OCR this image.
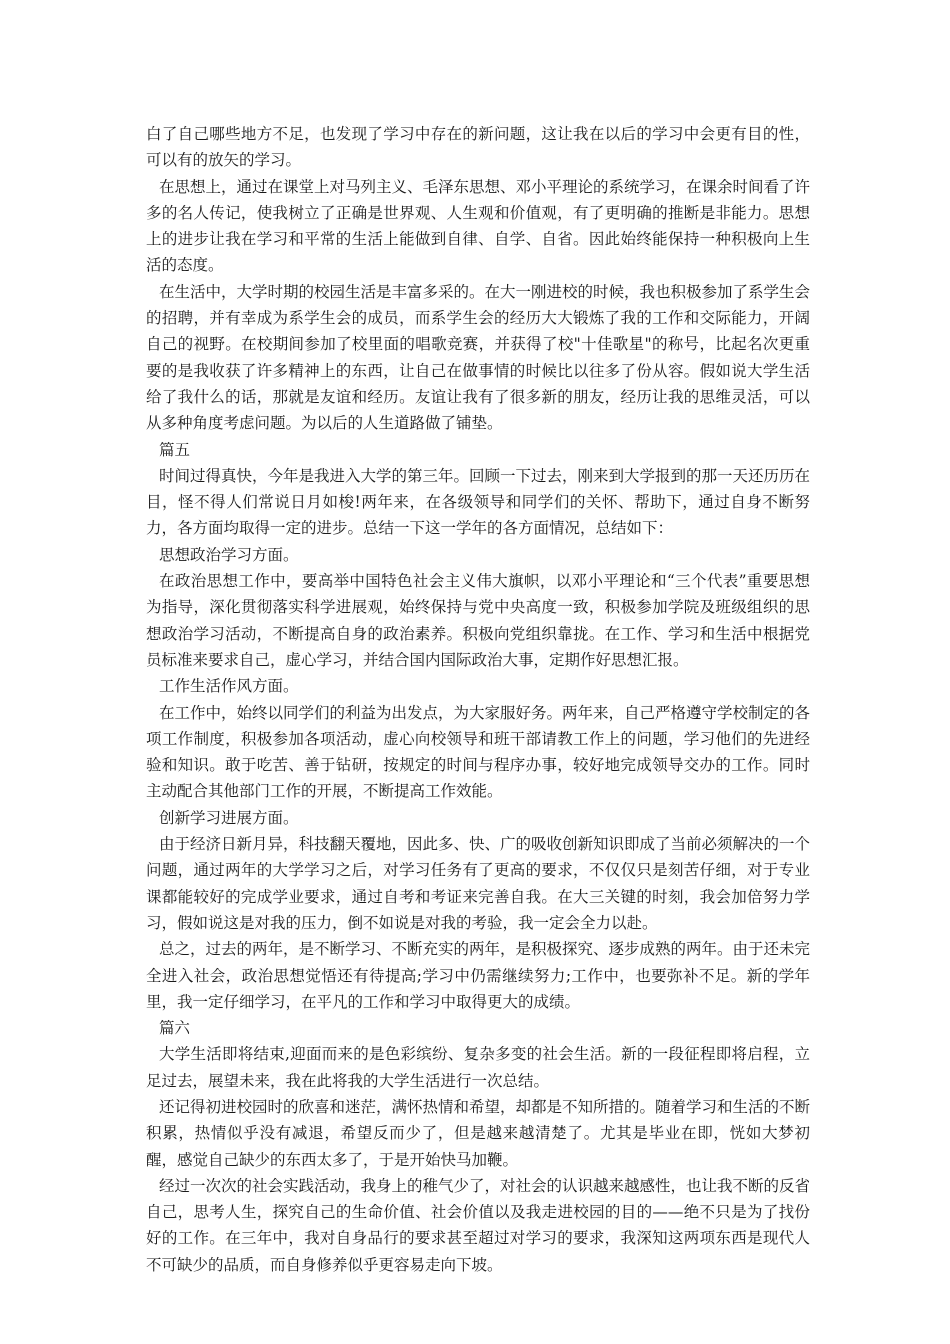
白了自己哪些地方不足，也发现了学习中存在的新问题，这让我在以后的学习中会更有目的性，可以有的放矢的学习。

在思想上，通过在课堂上对马列主义、毛泽东思想、邓小平理论的系统学习，在课余时间看了许多的名人传记，使我树立了正确是世界观、人生观和价值观，有了更明确的推断是非能力。思想上的进步让我在学习和平常的生活上能做到自律、自学、自省。因此始终能保持一种积极向上生活的态度。

在生活中，大学时期的校园生活是丰富多采的。在大一刚进校的时候，我也积极参加了系学生会的招聘，并有幸成为系学生会的成员，而系学生会的经历大大锻炼了我的工作和交际能力，开阔自己的视野。在校期间参加了校里面的唱歌竞赛，并获得了校"十佳歌星"的称号，比起名次更重要的是我收获了许多精神上的东西，让自己在做事情的时候比以往多了份从容。假如说大学生活给了我什么的话，那就是友谊和经历。友谊让我有了很多新的朋友，经历让我的思维灵活，可以从多种角度考虑问题。为以后的人生道路做了铺垫。

篇五

时间过得真快，今年是我进入大学的第三年。回顾一下过去，刚来到大学报到的那一天还历历在目，怪不得人们常说日月如梭!两年来，在各级领导和同学们的关怀、帮助下，通过自身不断努力，各方面均取得一定的进步。总结一下这一学年的各方面情况，总结如下：

思想政治学习方面。

在政治思想工作中，要高举中国特色社会主义伟大旗帜，以邓小平理论和“三个代表”重要思想为指导，深化贯彻落实科学进展观，始终保持与党中央高度一致，积极参加学院及班级组织的思想政治学习活动，不断提高自身的政治素养。积极向党组织靠拢。在工作、学习和生活中根据党员标准来要求自己，虚心学习，并结合国内国际政治大事，定期作好思想汇报。

工作生活作风方面。

在工作中，始终以同学们的利益为出发点，为大家服好务。两年来，自己严格遵守学校制定的各项工作制度，积极参加各项活动，虚心向校领导和班干部请教工作上的问题，学习他们的先进经验和知识。敢于吃苦、善于钻研，按规定的时间与程序办事，较好地完成领导交办的工作。同时主动配合其他部门工作的开展，不断提高工作效能。

创新学习进展方面。

由于经济日新月异，科技翻天覆地，因此多、快、广的吸收创新知识即成了当前必须解决的一个问题，通过两年的大学学习之后，对学习任务有了更高的要求，不仅仅只是刻苦仔细，对于专业课都能较好的完成学业要求，通过自考和考证来完善自我。在大三关键的时刻，我会加倍努力学习，假如说这是对我的压力，倒不如说是对我的考验，我一定会全力以赴。

总之，过去的两年，是不断学习、不断充实的两年，是积极探究、逐步成熟的两年。由于还未完全进入社会，政治思想觉悟还有待提高;学习中仍需继续努力;工作中，也要弥补不足。新的学年里，我一定仔细学习，在平凡的工作和学习中取得更大的成绩。

篇六

大学生活即将结束,迎面而来的是色彩缤纷、复杂多变的社会生活。新的一段征程即将启程，立足过去，展望未来，我在此将我的大学生活进行一次总结。

还记得初进校园时的欣喜和迷茫，满怀热情和希望，却都是不知所措的。随着学习和生活的不断积累，热情似乎没有减退，希望反而少了，但是越来越清楚了。尤其是毕业在即，恍如大梦初醒，感觉自己缺少的东西太多了，于是开始快马加鞭。

经过一次次的社会实践活动，我身上的稚气少了，对社会的认识越来越感性，也让我不断的反省自己，思考人生，探究自己的生命价值、社会价值以及我走进校园的目的——绝不只是为了找份好的工作。在三年中，我对自身品行的要求甚至超过对学习的要求，我深知这两项东西是现代人不可缺少的品质，而自身修养似乎更容易走向下坡。
